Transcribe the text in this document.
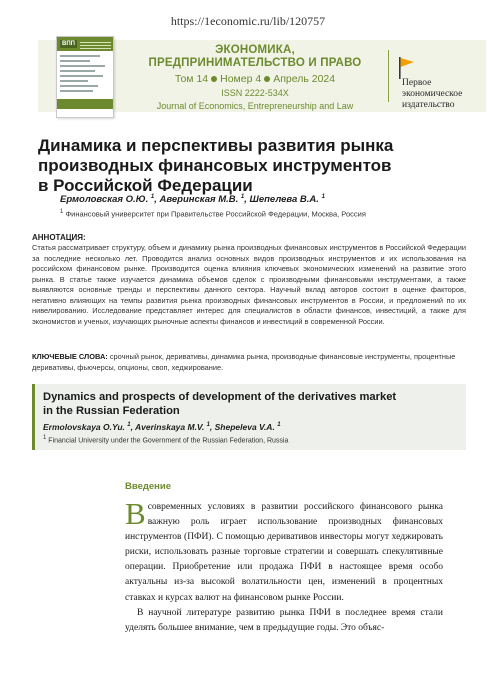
https://1economic.ru/lib/120757
ВПП	ЭКОНОМИКА,
ПРЕДПРИНИМАТЕЛЬСТВО И ПРАВО
Том 14 Номер 4 Апрель 2024
ISSN 2222-534X
Journal of Economics, Entrepreneurship and Law
Первое
экономическое
издательство
Динамика и перспективы развития рынка
производных финансовых инструментов
в Российской Федерации
Ермоловская О.Ю. $^1$, Аверинская М.В. $^1$, Шепелева В.А. $^1$
$^1$ Финансовый университет при Правительстве Российской Федерации, Москва, Россия
АННОТАЦИЯ:
Статья рассматривает структуру, объем и динамику рынка производных финансовых инструментов в Российской Федерации за последние несколько лет. Проводится анализ основных видов производных инструментов и их использования на российском финансовом рынке. Производится оценка влияния ключевых экономических изменений на развитие этого рынка. В статье также изучается динамика объемов сделок с производными финансовыми инструментами, а также выявляются основные тренды и перспективы данного сектора. Научный вклад авторов состоит в оценке факторов, негативно влияющих на темпы развития рынка производных финансовых инструментов в России, и предложений по их нивелированию. Исследование представляет интерес для специалистов в области финансов, инвестиций, а также для экономистов и ученых, изучающих рыночные аспекты финансов и инвестиций в современной России.
КЛЮЧЕВЫЕ СЛОВА: срочный рынок, деривативы, динамика рынка, производные финансовые инструменты, процентные деривативы, фьючерсы, опционы, своп, хеджирование.
Dynamics and prospects of development of the derivatives market
in the Russian Federation
Ermolovskaya O.Yu. $^1$, Averinskaya M.V. $^1$, Shepeleva V.A. $^1$
1 Financial University under the Government of the Russian Federation, Russia
Введение

Всовременных условиях в развитии российского финансового рынка важную роль играет использование производных финансовых инструментов (ПФИ). С помощью деривативов инвесторы могут хеджировать риски, использовать разные торговые стратегии и совершать спекулятивные операции. Приобретение или продажа ПФИ в настоящее время особо актуальны из-за высокой волатильности цен, изменений в процентных ставках и курсах валют на финансовом рынке России.

В научной литературе развитию рынка ПФИ в последнее время стали уделять большее внимание, чем в предыдущие годы. Это объяс-
